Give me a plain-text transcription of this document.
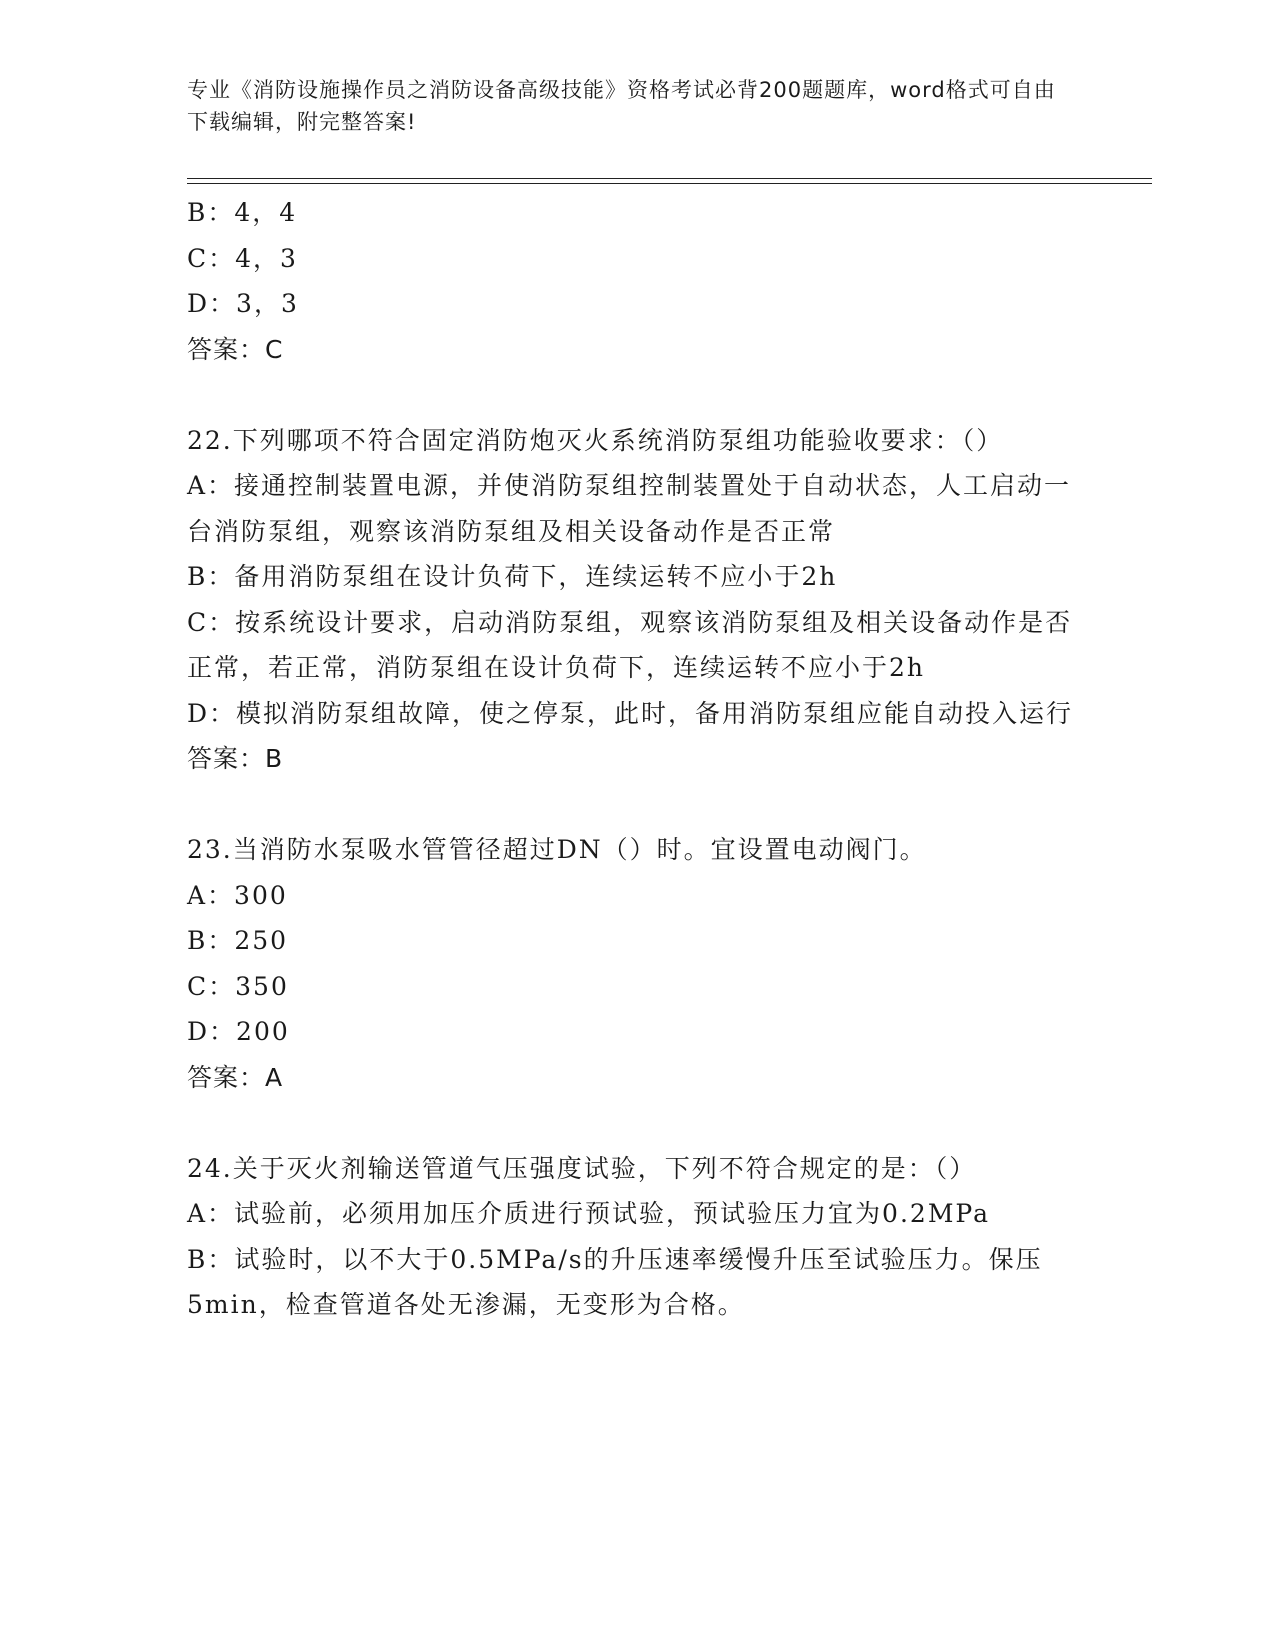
专业《消防设施操作员之消防设备高级技能》资格考试必背200题题库，word格式可自由下载编辑，附完整答案!

B：4，4

C：4，3

D：3，3

答案：C

22.下列哪项不符合固定消防炮灭火系统消防泵组功能验收要求：（）

A：接通控制装置电源，并使消防泵组控制装置处于自动状态，人工启动一台消防泵组，观察该消防泵组及相关设备动作是否正常

B：备用消防泵组在设计负荷下，连续运转不应小于2h

C：按系统设计要求，启动消防泵组，观察该消防泵组及相关设备动作是否正常，若正常，消防泵组在设计负荷下，连续运转不应小于2h

D：模拟消防泵组故障，使之停泵，此时，备用消防泵组应能自动投入运行

答案：B

23.当消防水泵吸水管管径超过DN（）时。宜设置电动阀门。

A：300

B：250

C：350

D：200

答案：A

24.关于灭火剂输送管道气压强度试验，下列不符合规定的是：（）

A：试验前，必须用加压介质进行预试验，预试验压力宜为0.2MPa

B：试验时，以不大于0.5MPa/s的升压速率缓慢升压至试验压力。保压5min，检查管道各处无渗漏，无变形为合格。
